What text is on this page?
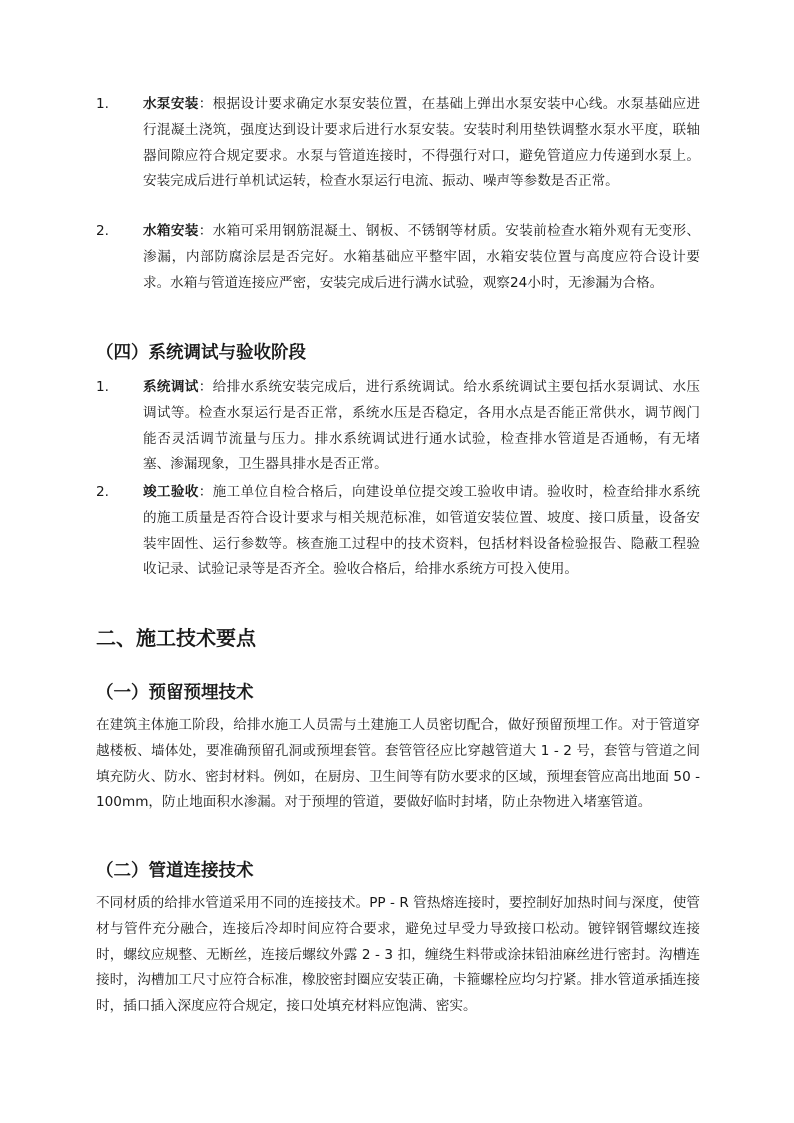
1.	水泵安装：根据设计要求确定水泵安装位置，在基础上弹出水泵安装中心线。水泵基础应进行混凝土浇筑，强度达到设计要求后进行水泵安装。安装时利用垫铁调整水泵水平度，联轴器间隙应符合规定要求。水泵与管道连接时，不得强行对口，避免管道应力传递到水泵上。安装完成后进行单机试运转，检查水泵运行电流、振动、噪声等参数是否正常。
2.	水箱安装：水箱可采用钢筋混凝土、钢板、不锈钢等材质。安装前检查水箱外观有无变形、渗漏，内部防腐涂层是否完好。水箱基础应平整牢固，水箱安装位置与高度应符合设计要求。水箱与管道连接应严密，安装完成后进行满水试验，观察24小时，无渗漏为合格。
（四）系统调试与验收阶段
1.	系统调试：给排水系统安装完成后，进行系统调试。给水系统调试主要包括水泵调试、水压调试等。检查水泵运行是否正常，系统水压是否稳定，各用水点是否能正常供水，调节阀门能否灵活调节流量与压力。排水系统调试进行通水试验，检查排水管道是否通畅，有无堵塞、渗漏现象，卫生器具排水是否正常。
2.	竣工验收：施工单位自检合格后，向建设单位提交竣工验收申请。验收时，检查给排水系统的施工质量是否符合设计要求与相关规范标准，如管道安装位置、坡度、接口质量，设备安装牢固性、运行参数等。核查施工过程中的技术资料，包括材料设备检验报告、隐蔽工程验收记录、试验记录等是否齐全。验收合格后，给排水系统方可投入使用。
二、施工技术要点
（一）预留预埋技术
在建筑主体施工阶段，给排水施工人员需与土建施工人员密切配合，做好预留预埋工作。对于管道穿越楼板、墙体处，要准确预留孔洞或预埋套管。套管管径应比穿越管道大 1 - 2 号，套管与管道之间填充防火、防水、密封材料。例如，在厨房、卫生间等有防水要求的区域，预埋套管应高出地面 50 - 100mm，防止地面积水渗漏。对于预埋的管道，要做好临时封堵，防止杂物进入堵塞管道。
（二）管道连接技术
不同材质的给排水管道采用不同的连接技术。PP - R 管热熔连接时，要控制好加热时间与深度，使管材与管件充分融合，连接后冷却时间应符合要求，避免过早受力导致接口松动。镀锌钢管螺纹连接时，螺纹应规整、无断丝，连接后螺纹外露 2 - 3 扣，缠绕生料带或涂抹铅油麻丝进行密封。沟槽连接时，沟槽加工尺寸应符合标准，橡胶密封圈应安装正确，卡箍螺栓应均匀拧紧。排水管道承插连接时，插口插入深度应符合规定，接口处填充材料应饱满、密实。
